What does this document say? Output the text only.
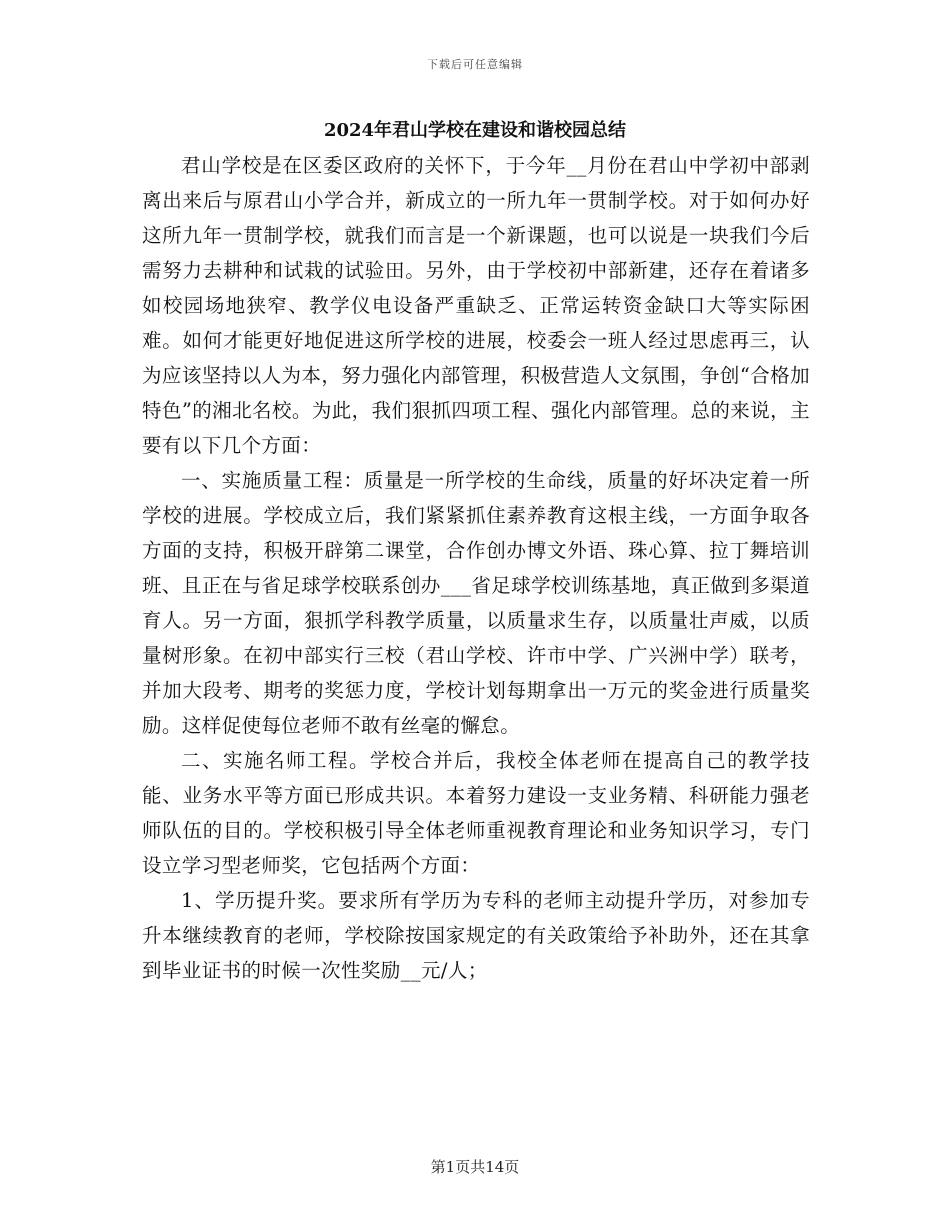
下载后可任意编辑
2024年君山学校在建设和谐校园总结

君山学校是在区委区政府的关怀下，于今年__月份在君山中学初中部剥离出来后与原君山小学合并，新成立的一所九年一贯制学校。对于如何办好这所九年一贯制学校，就我们而言是一个新课题，也可以说是一块我们今后需努力去耕种和试栽的试验田。另外，由于学校初中部新建，还存在着诸多如校园场地狭窄、教学仪电设备严重缺乏、正常运转资金缺口大等实际困难。如何才能更好地促进这所学校的进展，校委会一班人经过思虑再三，认为应该坚持以人为本，努力强化内部管理，积极营造人文氛围，争创“合格加特色”的湘北名校。为此，我们狠抓四项工程、强化内部管理。总的来说，主要有以下几个方面：

一、实施质量工程：质量是一所学校的生命线，质量的好坏决定着一所学校的进展。学校成立后，我们紧紧抓住素养教育这根主线，一方面争取各方面的支持，积极开辟第二课堂，合作创办博文外语、珠心算、拉丁舞培训班、且正在与省足球学校联系创办___省足球学校训练基地，真正做到多渠道育人。另一方面，狠抓学科教学质量，以质量求生存，以质量壮声威，以质量树形象。在初中部实行三校（君山学校、许市中学、广兴洲中学）联考，并加大段考、期考的奖惩力度，学校计划每期拿出一万元的奖金进行质量奖励。这样促使每位老师不敢有丝毫的懈怠。

二、实施名师工程。学校合并后，我校全体老师在提高自己的教学技能、业务水平等方面已形成共识。本着努力建设一支业务精、科研能力强老师队伍的目的。学校积极引导全体老师重视教育理论和业务知识学习，专门设立学习型老师奖，它包括两个方面：

1、学历提升奖。要求所有学历为专科的老师主动提升学历，对参加专升本继续教育的老师，学校除按国家规定的有关政策给予补助外，还在其拿到毕业证书的时候一次性奖励__元/人；

第1页共14页
